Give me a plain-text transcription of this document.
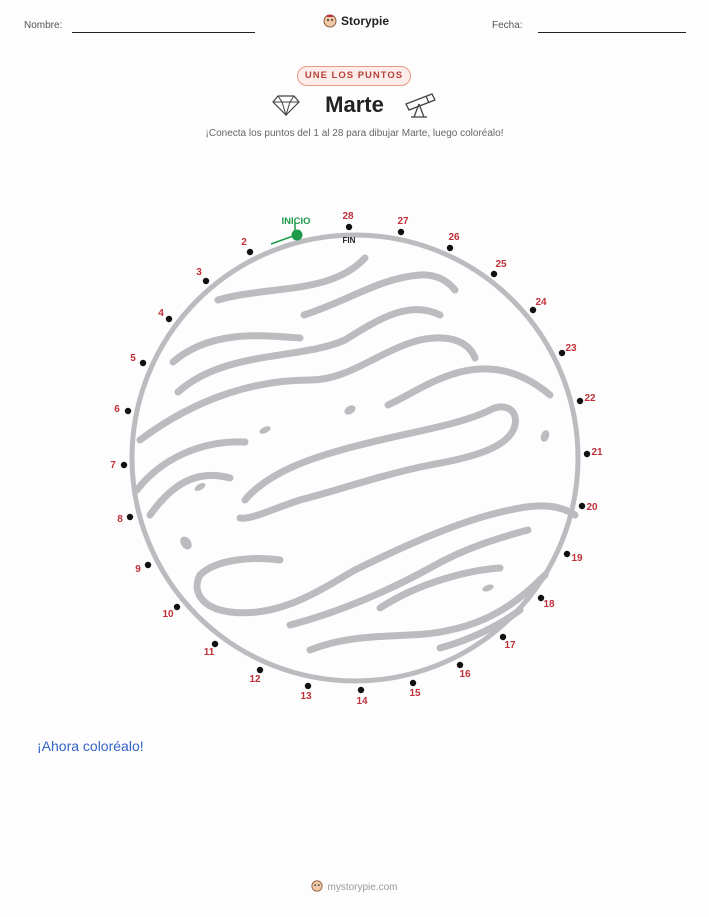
Nombre:	Storypie	Fecha:
UNE LOS PUNTOS
Marte
¡Conecta los puntos del 1 al 28 para dibujar Marte, luego coloréalo!
INICIO
FIN
2
3
4
5
6
7
8
9
10
11
12
13	14
15
16
17
18
19
20
21
22
23
24
25
26
27
28
¡Ahora coloréalo!
mystorypie.com
